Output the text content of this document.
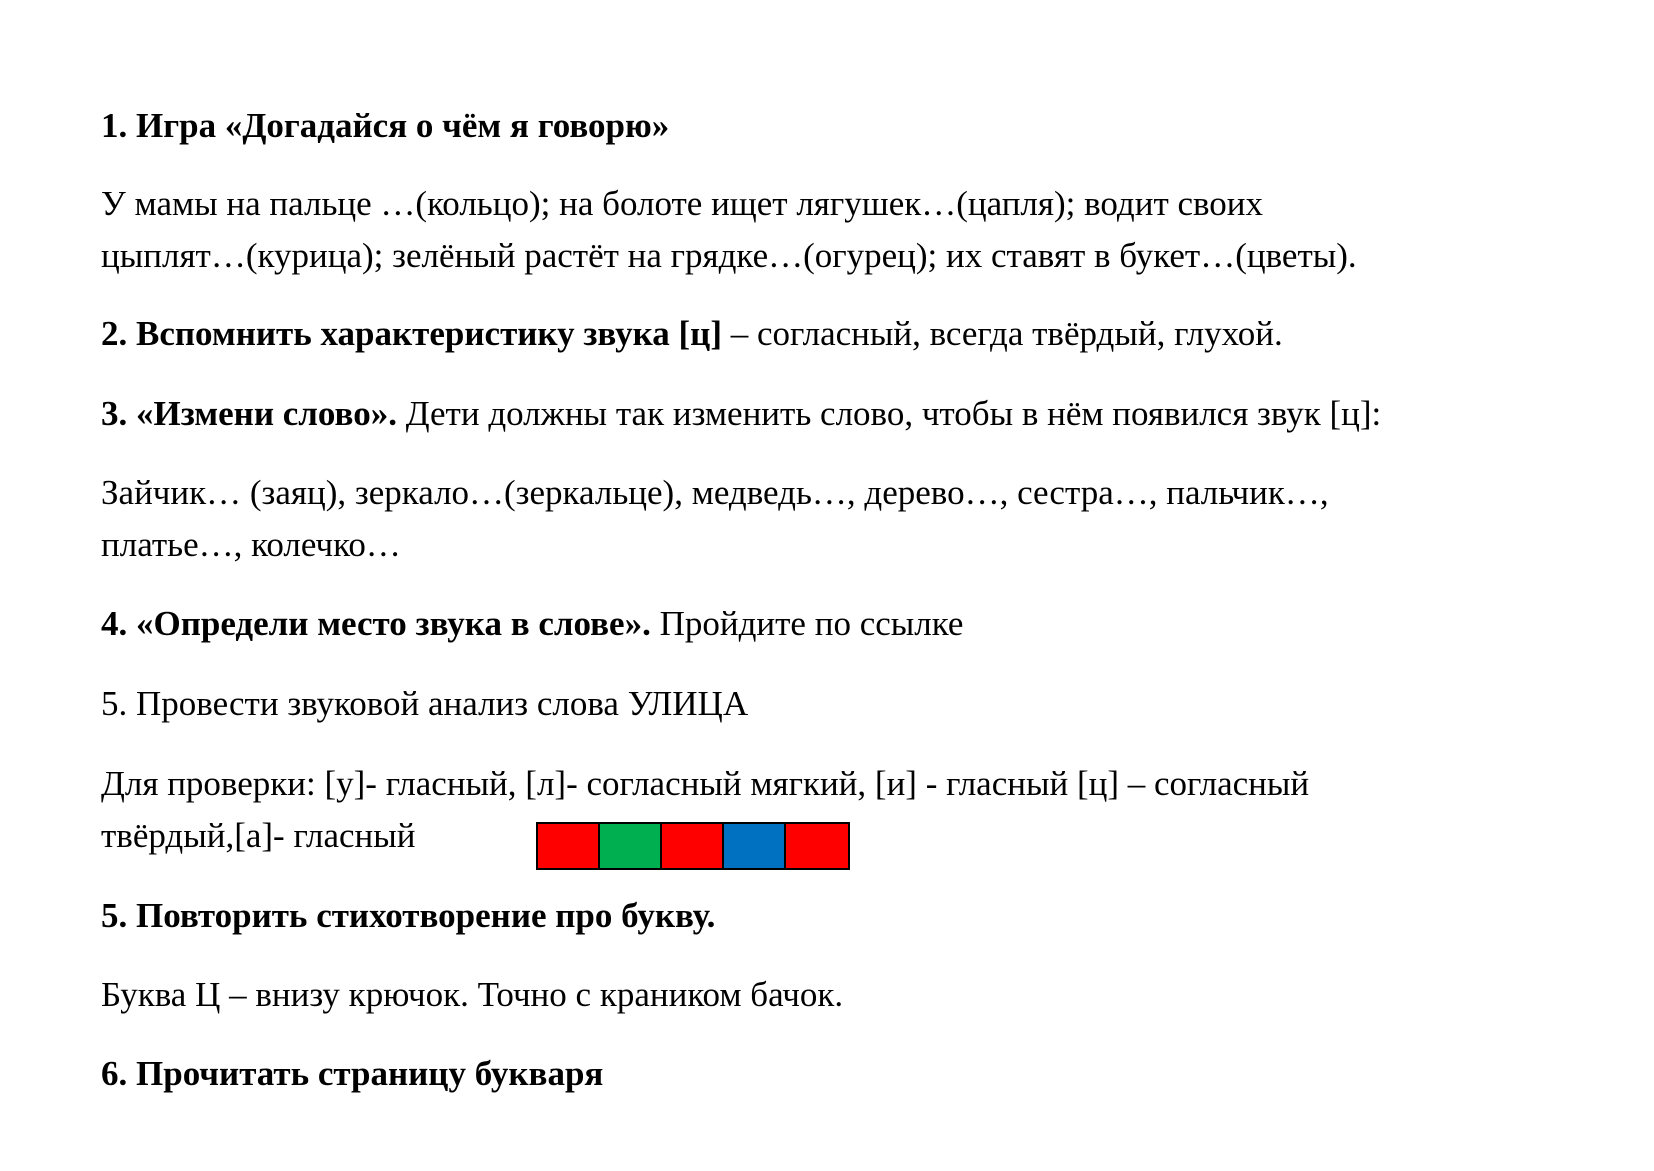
1. Игра «Догадайся о чём я говорю»
У мамы на пальце …(кольцо); на болоте ищет лягушек…(цапля); водит своих
цыплят…(курица); зелёный растёт на грядке…(огурец); их ставят в букет…(цветы).
2. Вспомнить характеристику звука [ц] – согласный, всегда твёрдый, глухой.
3. «Измени слово». Дети должны так изменить слово, чтобы в нём появился звук [ц]:
Зайчик… (заяц), зеркало…(зеркальце), медведь…, дерево…, сестра…, пальчик…,
платье…, колечко…
4. «Определи место звука в слове». Пройдите по ссылке
5. Провести звуковой анализ слова УЛИЦА
Для проверки: [у]- гласный, [л]- согласный мягкий, [и] - гласный [ц] – согласный
твёрдый,[а]- гласный
5. Повторить стихотворение про букву.
Буква Ц – внизу крючок. Точно с краником бачок.
6. Прочитать страницу букваря
